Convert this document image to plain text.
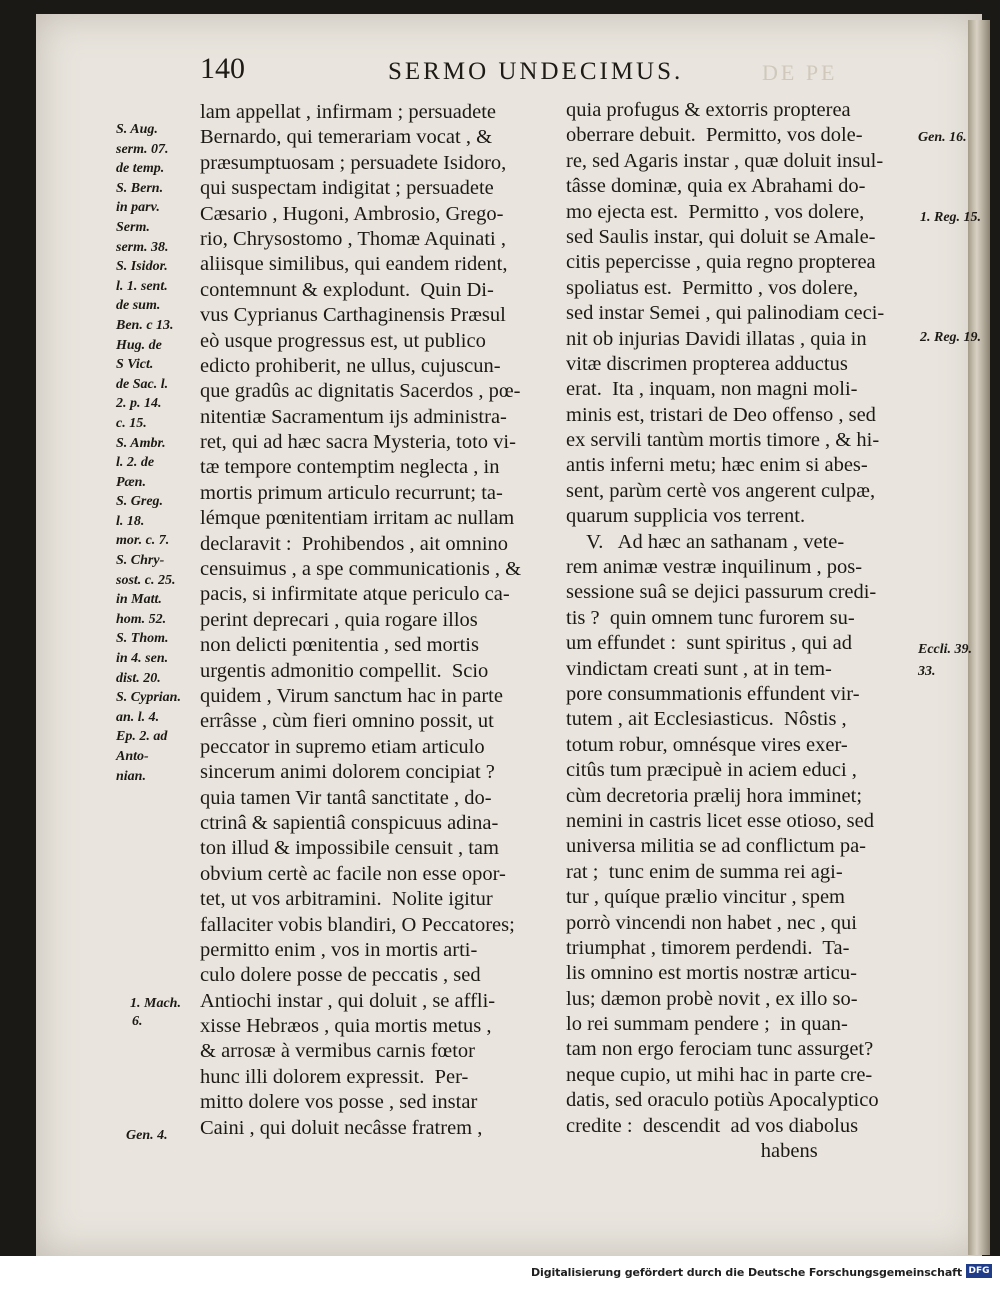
140	SERMO UNDECIMUS.	DE PE
S. Aug.
serm. 07.
de temp.
S. Bern.
in parv.
Serm.
serm. 38.
S. Isidor.
l. 1. sent.
de sum.
Ben. c 13.
Hug. de
S Vict.
de Sac. l.
2. p. 14.
c. 15.
S. Ambr.
l. 2. de
Pæn.
S. Greg.
l. 18.
mor. c. 7.
S. Chry-
sost. c. 25.
in Matt.
hom. 52.
S. Thom.
in 4. sen.
dist. 20.
S. Cyprian.
an. l. 4.
Ep. 2. ad
Anto-
nian.
lam appellat , infirmam ; persuadete
Bernardo, qui temerariam vocat , &
præsumptuosam ; persuadete Isidoro,
qui suspectam indigitat ; persuadete
Cæsario , Hugoni, Ambrosio, Grego-
rio, Chrysostomo , Thomæ Aquinati ,
aliisque similibus, qui eandem rident,
contemnunt & explodunt.  Quin Di-
vus Cyprianus Carthaginensis Præsul
eò usque progressus est, ut publico
edicto prohiberit, ne ullus, cujuscun-
que gradûs ac dignitatis Sacerdos , pœ-
nitentiæ Sacramentum ijs administra-
ret, qui ad hæc sacra Mysteria, toto vi-
tæ tempore contemptim neglecta , in
mortis primum articulo recurrunt; ta-
lémque pœnitentiam irritam ac nullam
declaravit :  Prohibendos , ait omnino
censuimus , a spe communicationis , &
pacis, si infirmitate atque periculo ca-
perint deprecari , quia rogare illos
non delicti pœnitentia , sed mortis
urgentis admonitio compellit.  Scio
quidem , Virum sanctum hac in parte
errâsse , cùm fieri omnino possit, ut
peccator in supremo etiam articulo
sincerum animi dolorem concipiat ?
quia tamen Vir tantâ sanctitate , do-
ctrinâ & sapientiâ conspicuus adina-
ton illud & impossibile censuit , tam
obvium certè ac facile non esse opor-
tet, ut vos arbitramini.  Nolite igitur
fallaciter vobis blandiri, O Peccatores;
permitto enim , vos in mortis arti-
culo dolere posse de peccatis , sed
Antiochi instar , qui doluit , se affli-
xisse Hebræos , quia mortis metus ,
& arrosæ à vermibus carnis fœtor
hunc illi dolorem expressit.  Per-
mitto dolere vos posse , sed instar
Caini , qui doluit necâsse fratrem ,
quia profugus & extorris propterea
oberrare debuit.  Permitto, vos dole-
re, sed Agaris instar , quæ doluit insul-
tâsse dominæ, quia ex Abrahami do-
mo ejecta est.  Permitto , vos dolere,
sed Saulis instar, qui doluit se Amale-
citis pepercisse , quia regno propterea
spoliatus est.  Permitto , vos dolere,
sed instar Semei , qui palinodiam ceci-
nit ob injurias Davidi illatas , quia in
vitæ discrimen propterea adductus
erat.  Ita , inquam, non magni moli-
minis est, tristari de Deo offenso , sed
ex servili tantùm mortis timore , & hi-
antis inferni metu; hæc enim si abes-
sent, parùm certè vos angerent culpæ,
quarum supplicia vos terrent.
V.   Ad hæc an sathanam , vete-
rem animæ vestræ inquilinum , pos-
sessione suâ se dejici passurum credi-
tis ?  quin omnem tunc furorem su-
um effundet :  sunt spiritus , qui ad
vindictam creati sunt , at in tem-
pore consummationis effundent vir-
tutem , ait Ecclesiasticus.  Nôstis ,
totum robur, omnésque vires exer-
citûs tum præcipuè in aciem educi ,
cùm decretoria prælij hora imminet;
nemini in castris licet esse otioso, sed
universa militia se ad conflictum pa-
rat ;  tunc enim de summa rei agi-
tur , quíque prælio vincitur , spem
porrò vincendi non habet , nec , qui
triumphat , timorem perdendi.  Ta-
lis omnino est mortis nostræ articu-
lus; dæmon probè novit , ex illo so-
lo rei summam pendere ;  in quan-
tam non ergo ferociam tunc assurget?
neque cupio, ut mihi hac in parte cre-
datis, sed oraculo potiùs Apocalyptico
credite :  descendit  ad vos diabolus
habens
1. Mach.
6.
Gen. 4.
Gen. 16.
1. Reg. 15.
2. Reg. 19.
Eccli. 39.
33.
Digitalisierung gefördert durch die Deutsche Forschungsgemeinschaft DFG
